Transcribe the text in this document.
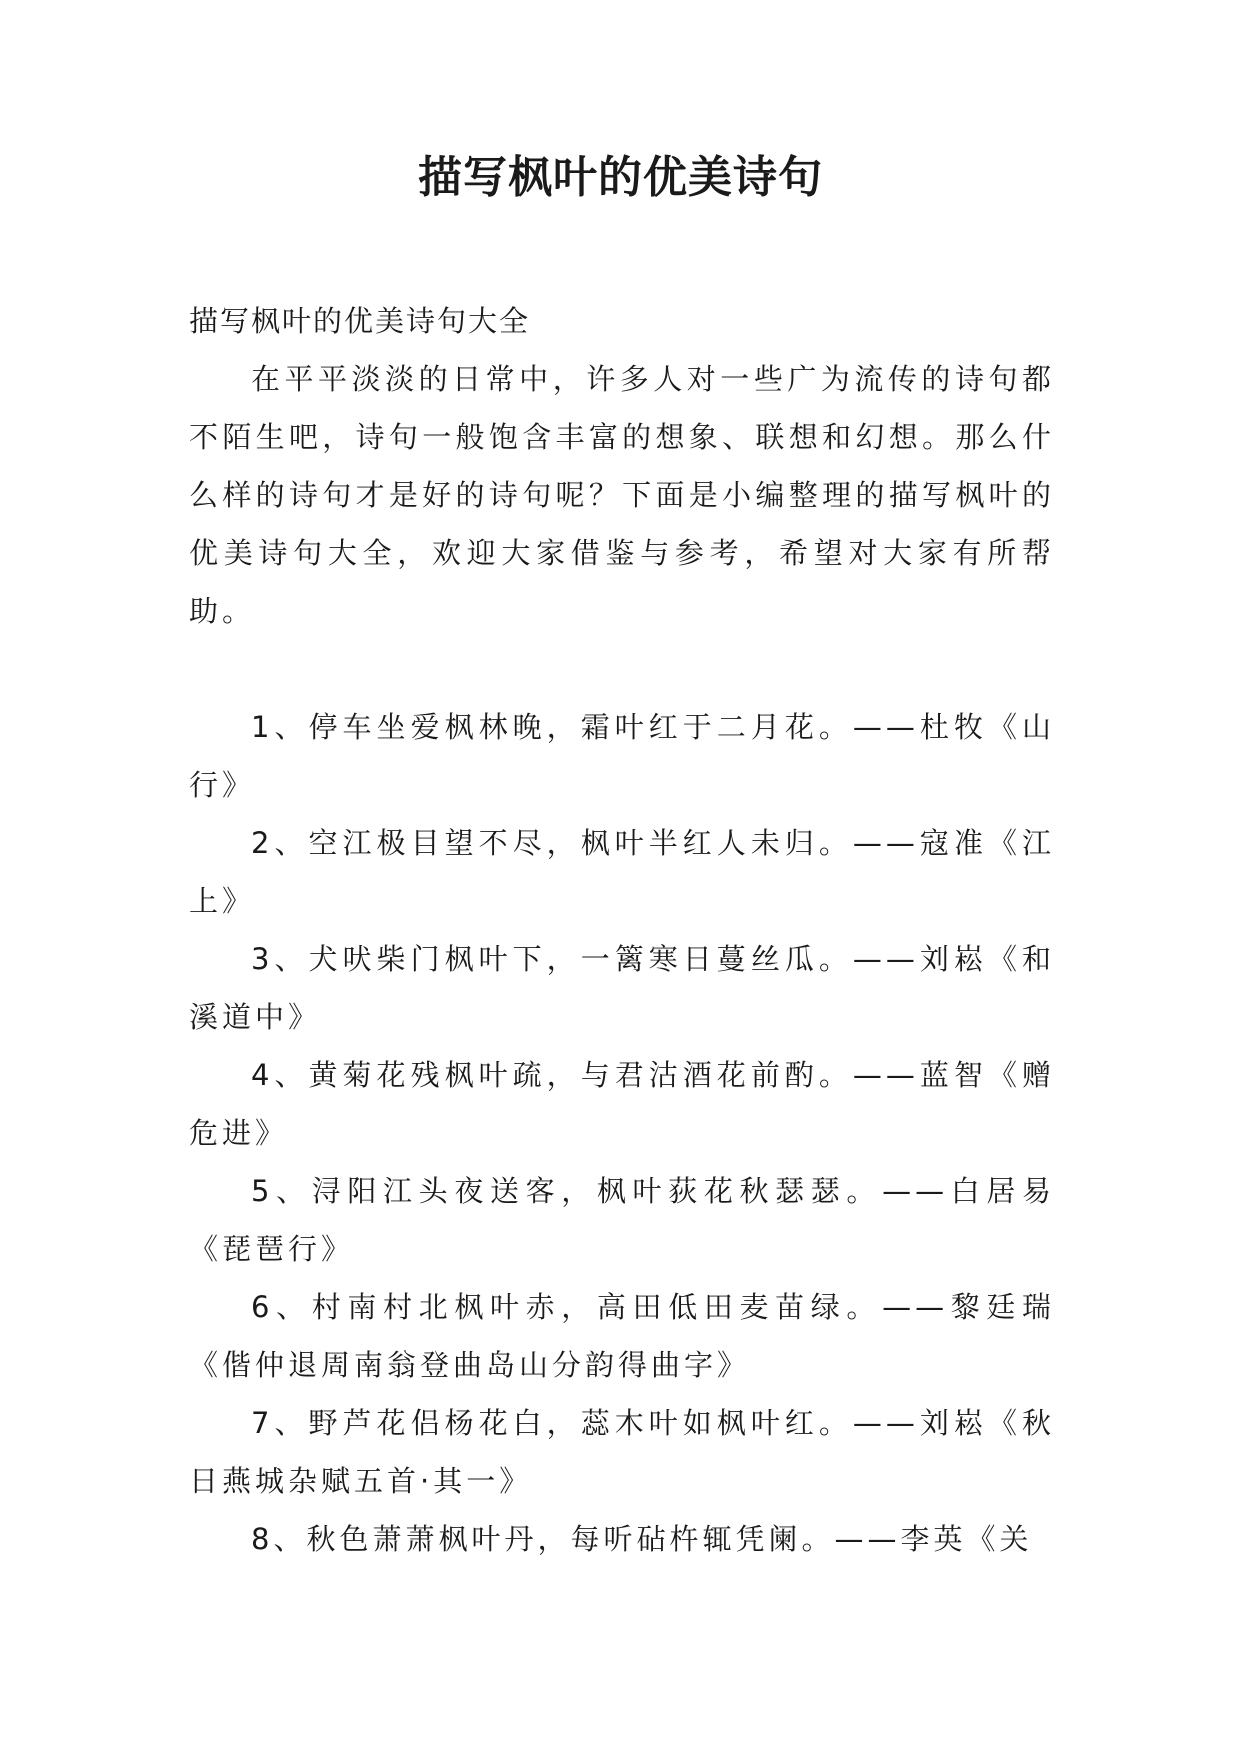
描写枫叶的优美诗句

描写枫叶的优美诗句大全

在平平淡淡的日常中，许多人对一些广为流传的诗句都不陌生吧，诗句一般饱含丰富的想象、联想和幻想。那么什么样的诗句才是好的诗句呢？下面是小编整理的描写枫叶的优美诗句大全，欢迎大家借鉴与参考，希望对大家有所帮助。

1、停车坐爱枫林晚，霜叶红于二月花。——杜牧《山行》

2、空江极目望不尽，枫叶半红人未归。——寇准《江上》

3、犬吠柴门枫叶下，一篱寒日蔓丝瓜。——刘崧《和溪道中》

4、黄菊花残枫叶疏，与君沽酒花前酌。——蓝智《赠危进》

5、浔阳江头夜送客，枫叶荻花秋瑟瑟。——白居易《琵琶行》

6、村南村北枫叶赤，高田低田麦苗绿。——黎廷瑞《偕仲退周南翁登曲岛山分韵得曲字》

7、野芦花侣杨花白，蕊木叶如枫叶红。——刘崧《秋日燕城杂赋五首·其一》

8、秋色萧萧枫叶丹，每听砧杵辄凭阑。——李英《关
